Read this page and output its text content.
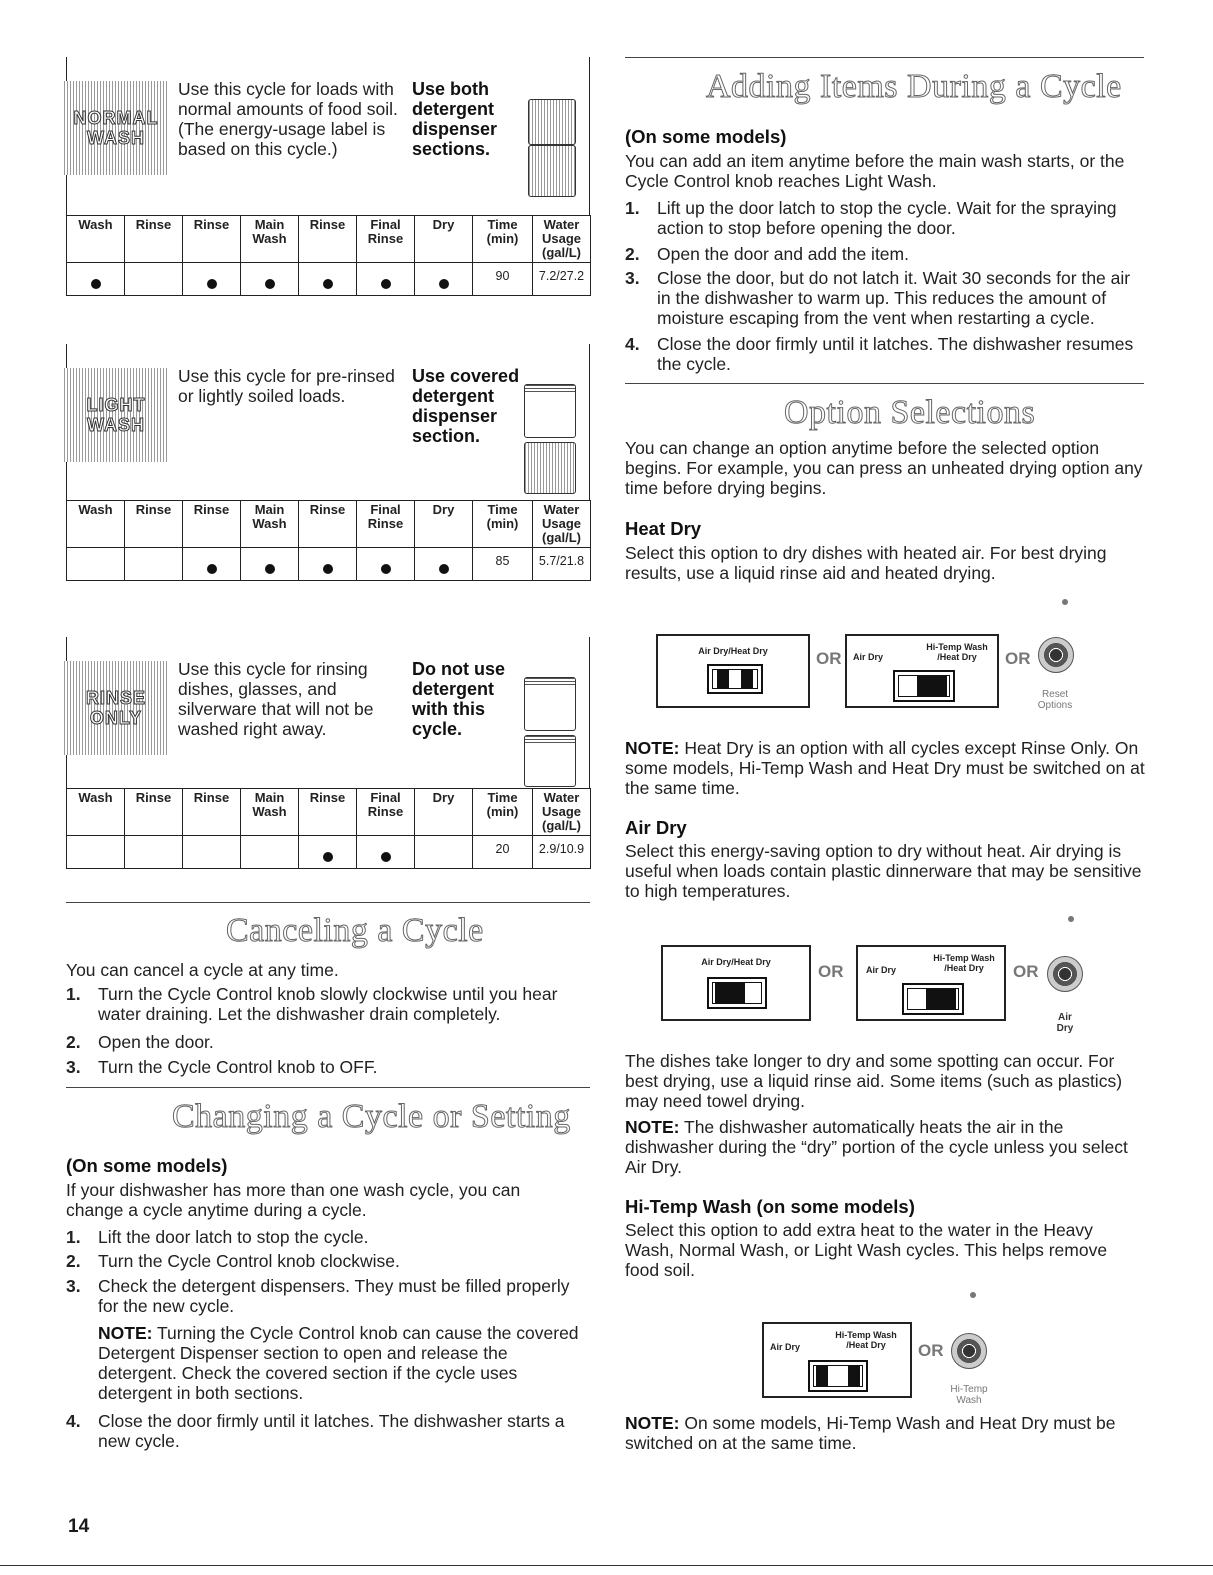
NORMAL
WASH
Use this cycle for loads with normal amounts of food soil. (The energy-usage label is based on this cycle.)
Use both detergent dispenser sections.
Wash	Rinse	Rinse	Main Wash	Rinse	Final Rinse	Dry	Time (min)	Water Usage (gal/L)

							90	7.2/27.2
LIGHT
WASH
Use this cycle for pre-rinsed or lightly soiled loads.
Use covered detergent dispenser section.
Wash	Rinse	Rinse	Main Wash	Rinse	Final Rinse	Dry	Time (min)	Water Usage (gal/L)

							85	5.7/21.8
RINSE
ONLY
Use this cycle for rinsing dishes, glasses, and silverware that will not be washed right away.
Do not use detergent with this cycle.
Wash	Rinse	Rinse	Main Wash	Rinse	Final Rinse	Dry	Time (min)	Water Usage (gal/L)

							20	2.9/10.9
Canceling a Cycle
You can cancel a cycle at any time.
1. Turn the Cycle Control knob slowly clockwise until you hear water draining. Let the dishwasher drain completely.
2. Open the door.
3. Turn the Cycle Control knob to OFF.
Changing a Cycle or Setting
(On some models)
If your dishwasher has more than one wash cycle, you can change a cycle anytime during a cycle.
1. Lift the door latch to stop the cycle.
2. Turn the Cycle Control knob clockwise.
3. Check the detergent dispensers. They must be filled properly for the new cycle.
NOTE: Turning the Cycle Control knob can cause the covered Detergent Dispenser section to open and release the detergent. Check the covered section if the cycle uses detergent in both sections.
4. Close the door firmly until it latches. The dishwasher starts a new cycle.
14
Adding Items During a Cycle
(On some models)
You can add an item anytime before the main wash starts, or the Cycle Control knob reaches Light Wash.
1. Lift up the door latch to stop the cycle. Wait for the spraying action to stop before opening the door.
2. Open the door and add the item.
3. Close the door, but do not latch it. Wait 30 seconds for the air in the dishwasher to warm up. This reduces the amount of moisture escaping from the vent when restarting a cycle.
4. Close the door firmly until it latches. The dishwasher resumes the cycle.
Option Selections
You can change an option anytime before the selected option begins. For example, you can press an unheated drying option any time before drying begins.
Heat Dry
Select this option to dry dishes with heated air. For best drying results, use a liquid rinse aid and heated drying.
Air Dry/Heat Dry	OR
Hi-Temp Wash
/Heat Dry
Air Dry	OR
Reset
Options
NOTE: Heat Dry is an option with all cycles except Rinse Only. On some models, Hi-Temp Wash and Heat Dry must be switched on at the same time.
Air Dry
Select this energy-saving option to dry without heat. Air drying is useful when loads contain plastic dinnerware that may be sensitive to high temperatures.
Air Dry/Heat Dry	OR
Hi-Temp Wash
/Heat Dry
Air Dry	OR
Air
Dry
The dishes take longer to dry and some spotting can occur. For best drying, use a liquid rinse aid. Some items (such as plastics) may need towel drying.
NOTE: The dishwasher automatically heats the air in the dishwasher during the “dry” portion of the cycle unless you select Air Dry.
Hi-Temp Wash (on some models)
Select this option to add extra heat to the water in the Heavy Wash, Normal Wash, or Light Wash cycles. This helps remove food soil.
Hi-Temp Wash
/Heat Dry
Air Dry	OR
Hi-Temp
Wash
NOTE: On some models, Hi-Temp Wash and Heat Dry must be switched on at the same time.
